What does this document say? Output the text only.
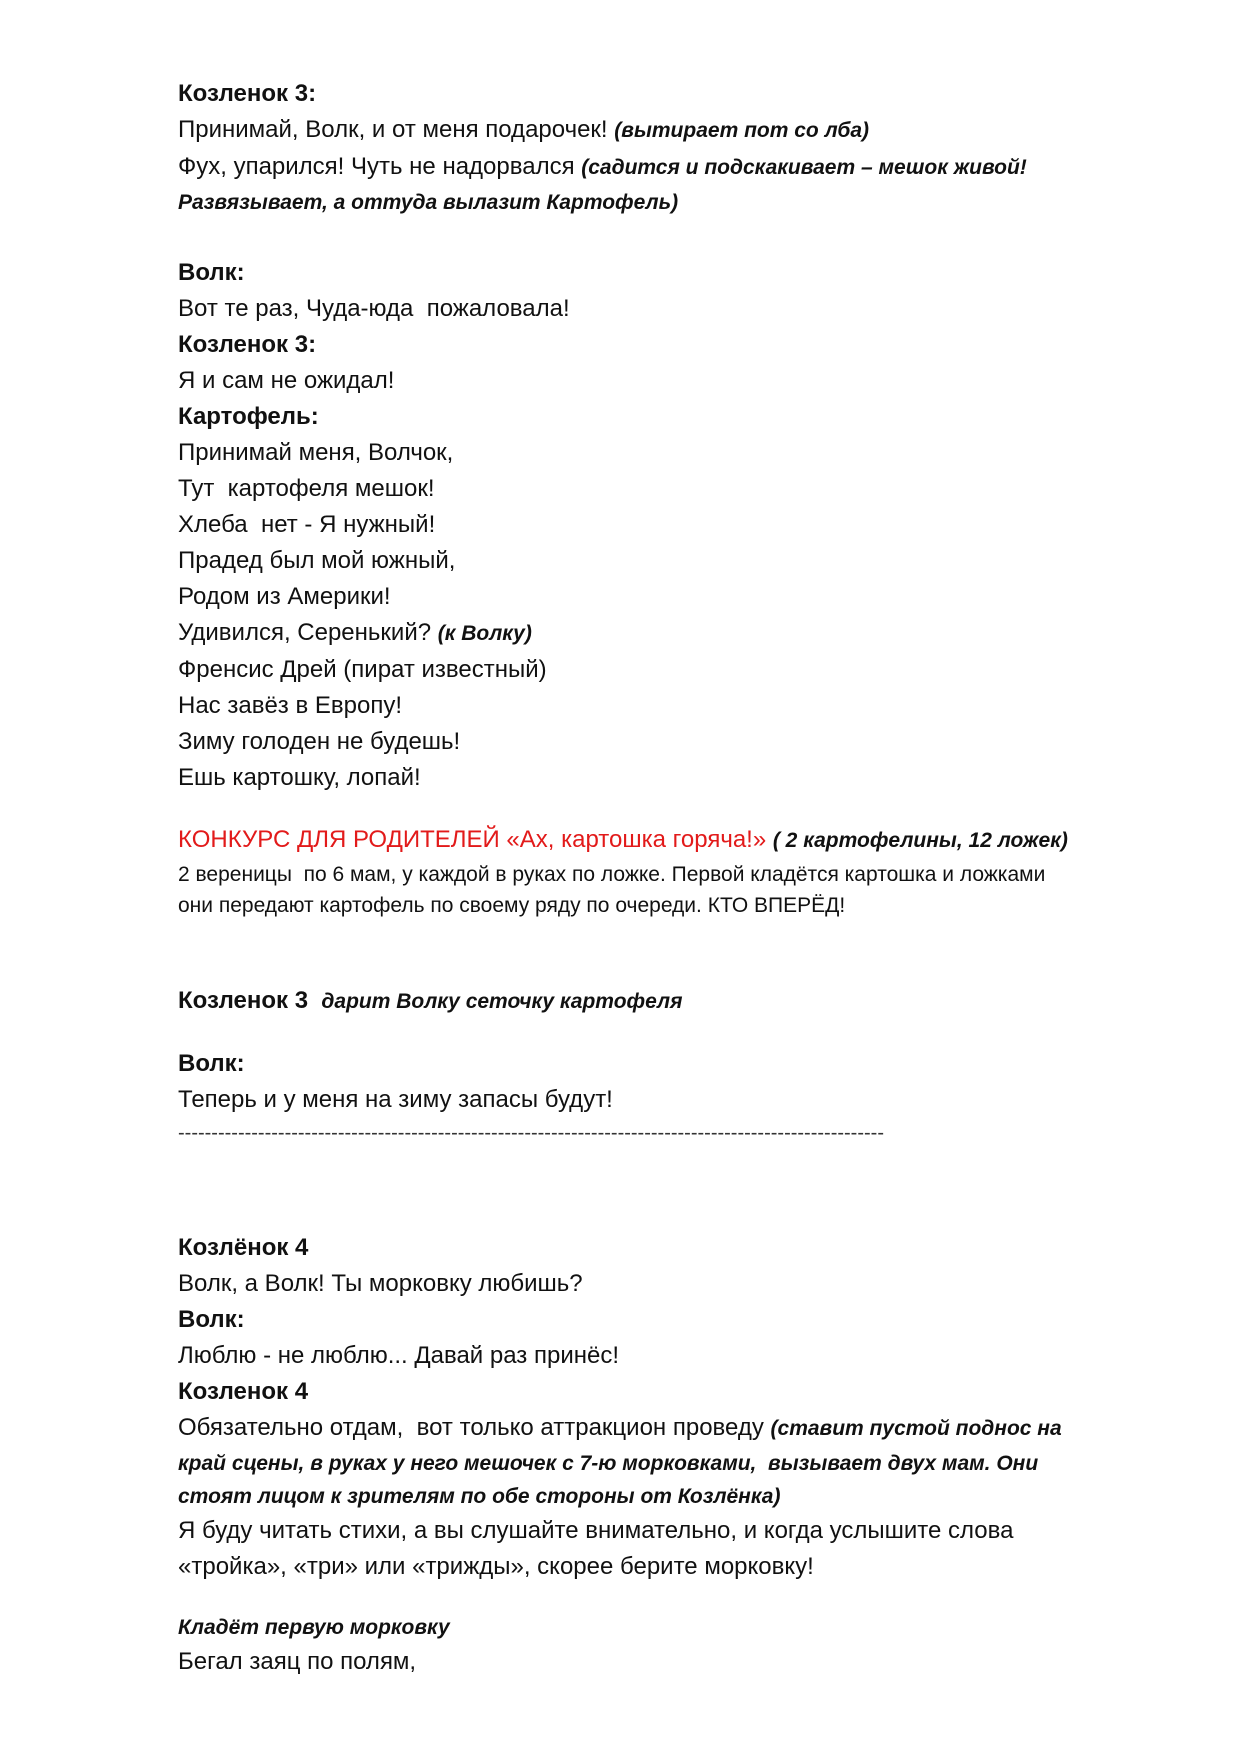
Козленок 3:

Принимай, Волк, и от меня подарочек! (вытирает пот со лба)

Фух, упарился! Чуть не надорвался (садится и подскакивает – мешок живой!

Развязывает, а оттуда вылазит Картофель)

Волк:

Вот те раз, Чуда-юда  пожаловала!

Козленок 3:

Я и сам не ожидал!

Картофель:

Принимай меня, Волчок,

Тут  картофеля мешок!

Хлеба  нет - Я нужный!

Прадед был мой южный,

Родом из Америки!

Удивился, Серенький? (к Волку)

Френсис Дрей (пират известный)

Нас завёз в Европу!

Зиму голоден не будешь!

Ешь картошку, лопай!

КОНКУРС ДЛЯ РОДИТЕЛЕЙ «Ах, картошка горяча!» ( 2 картофелины, 12 ложек)

2 вереницы  по 6 мам, у каждой в руках по ложке. Первой кладётся картошка и ложками

они передают картофель по своему ряду по очереди. КТО ВПЕРЁД!

Козленок 3  дарит Волку сеточку картофеля

Волк:

Теперь и у меня на зиму запасы будут!

----------------------------------------------------------------------------------------------------------

Козлёнок 4

Волк, а Волк! Ты морковку любишь?

Волк:

Люблю - не люблю... Давай раз принёс!

Козленок 4

Обязательно отдам,  вот только аттракцион проведу (ставит пустой поднос на

край сцены, в руках у него мешочек с 7-ю морковками,  вызывает двух мам. Они

стоят лицом к зрителям по обе стороны от Козлёнка)

Я буду читать стихи, а вы слушайте внимательно, и когда услышите слова

«тройка», «три» или «трижды», скорее берите морковку!

Кладёт первую морковку

Бегал заяц по полям,
